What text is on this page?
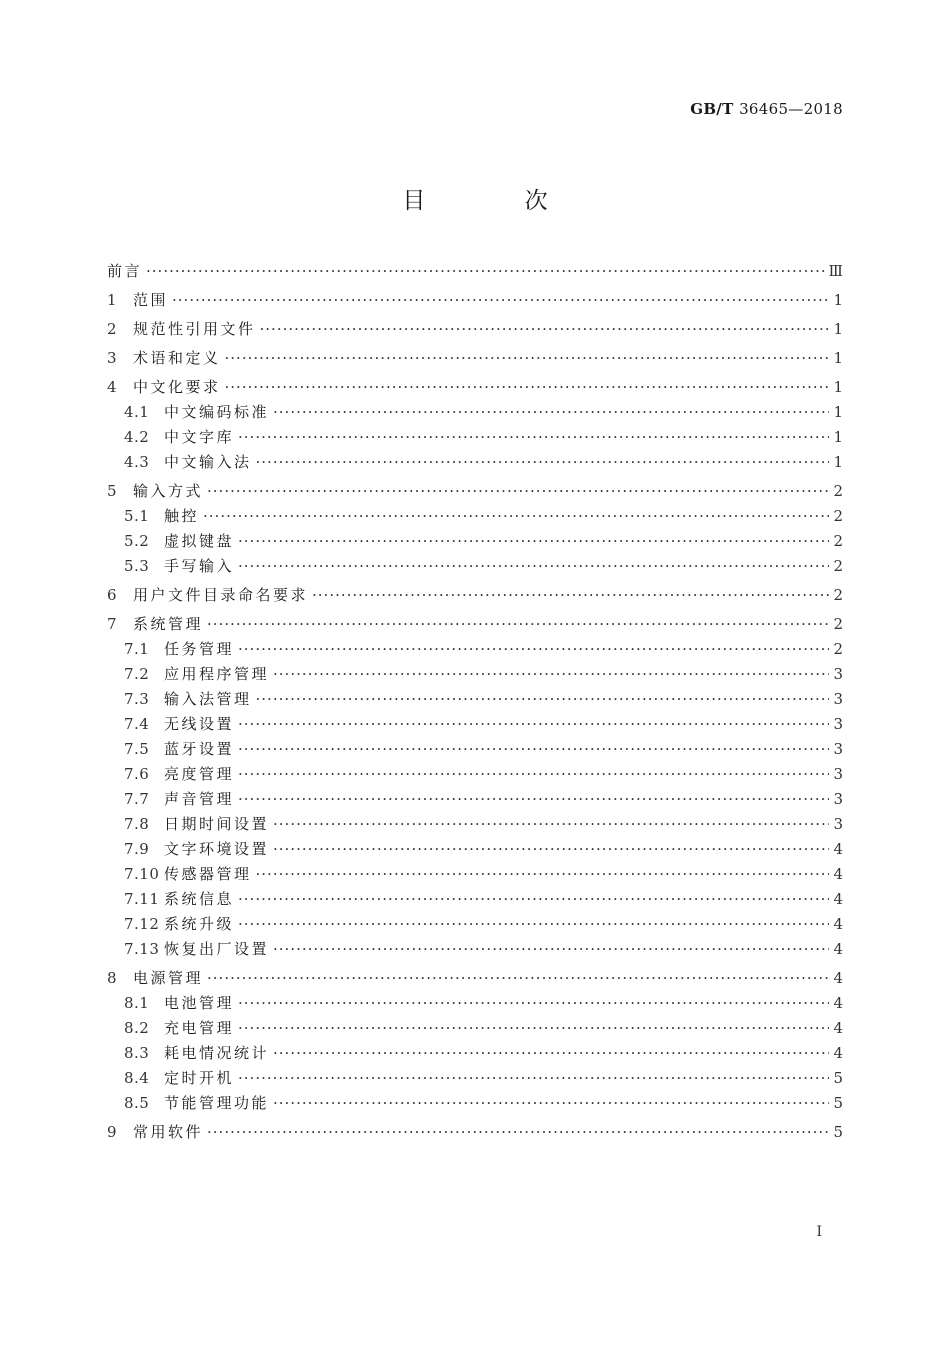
GB/T 36465—2018
目 次
前言 ·····	Ⅲ
1	范围 ·····	1
2	规范性引用文件 ·····	1
3	术语和定义 ·····	1
4	中文化要求 ·····	1
4.1 中文编码标准 ·····	1
4.2 中文字库 ·····	1
4.3 中文输入法 ·····	1
5	输入方式 ·····	2
5.1 触控 ·····	2
5.2 虚拟键盘 ·····	2
5.3 手写输入 ·····	2
6	用户文件目录命名要求 ·····	2
7	系统管理 ·····	2
7.1 任务管理 ·····	2
7.2 应用程序管理 ·····	3
7.3 输入法管理 ·····	3
7.4 无线设置 ·····	3
7.5 蓝牙设置 ·····	3
7.6 亮度管理 ·····	3
7.7 声音管理 ·····	3
7.8 日期时间设置 ·····	3
7.9 文字环境设置 ·····	4
7.10 传感器管理 ·····	4
7.11 系统信息 ·····	4
7.12 系统升级 ·····	4
7.13 恢复出厂设置 ·····	4
8	电源管理 ·····	4
8.1 电池管理 ·····	4
8.2 充电管理 ·····	4
8.3 耗电情况统计 ·····	4
8.4 定时开机 ·····	5
8.5 节能管理功能 ·····	5
9	常用软件 ·····	5
I
